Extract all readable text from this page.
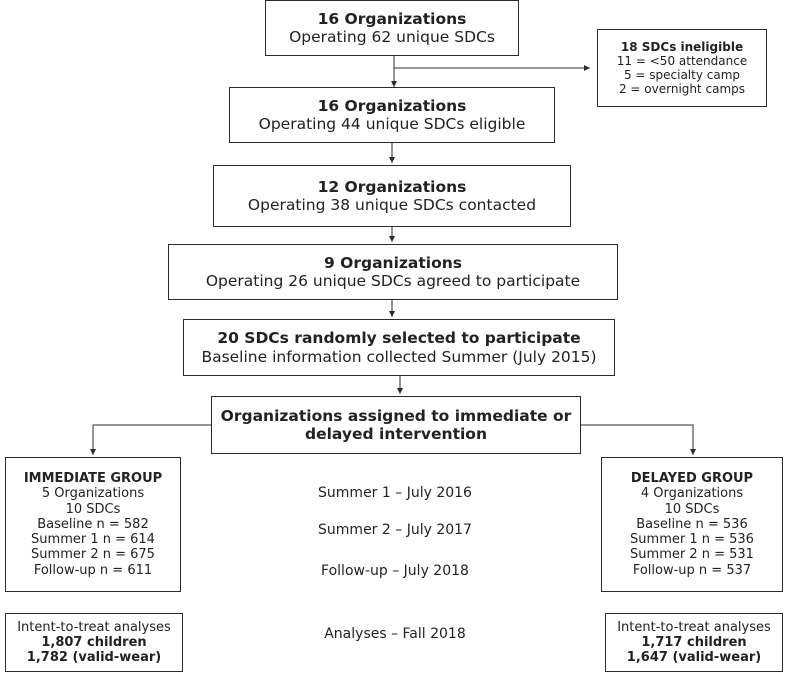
16 Organizations
Operating 62 unique SDCs
18 SDCs ineligible
11 = <50 attendance
5 = specialty camp
2 = overnight camps
16 Organizations
Operating 44 unique SDCs eligible
12 Organizations
Operating 38 unique SDCs contacted
9 Organizations
Operating 26 unique SDCs agreed to participate
20 SDCs randomly selected to participate
Baseline information collected Summer (July 2015)
Organizations assigned to immediate or
delayed intervention
IMMEDIATE GROUP
5 Organizations
10 SDCs
Baseline n = 582
Summer 1 n = 614
Summer 2 n = 675
Follow-up n = 611
DELAYED GROUP
4 Organizations
10 SDCs
Baseline n = 536
Summer 1 n = 536
Summer 2 n = 531
Follow-up n = 537
Intent-to-treat analyses
1,807 children
1,782 (valid-wear)
Intent-to-treat analyses
1,717 children
1,647 (valid-wear)
Summer 1 – July 2016
Summer 2 – July 2017
Follow-up – July 2018
Analyses – Fall 2018
